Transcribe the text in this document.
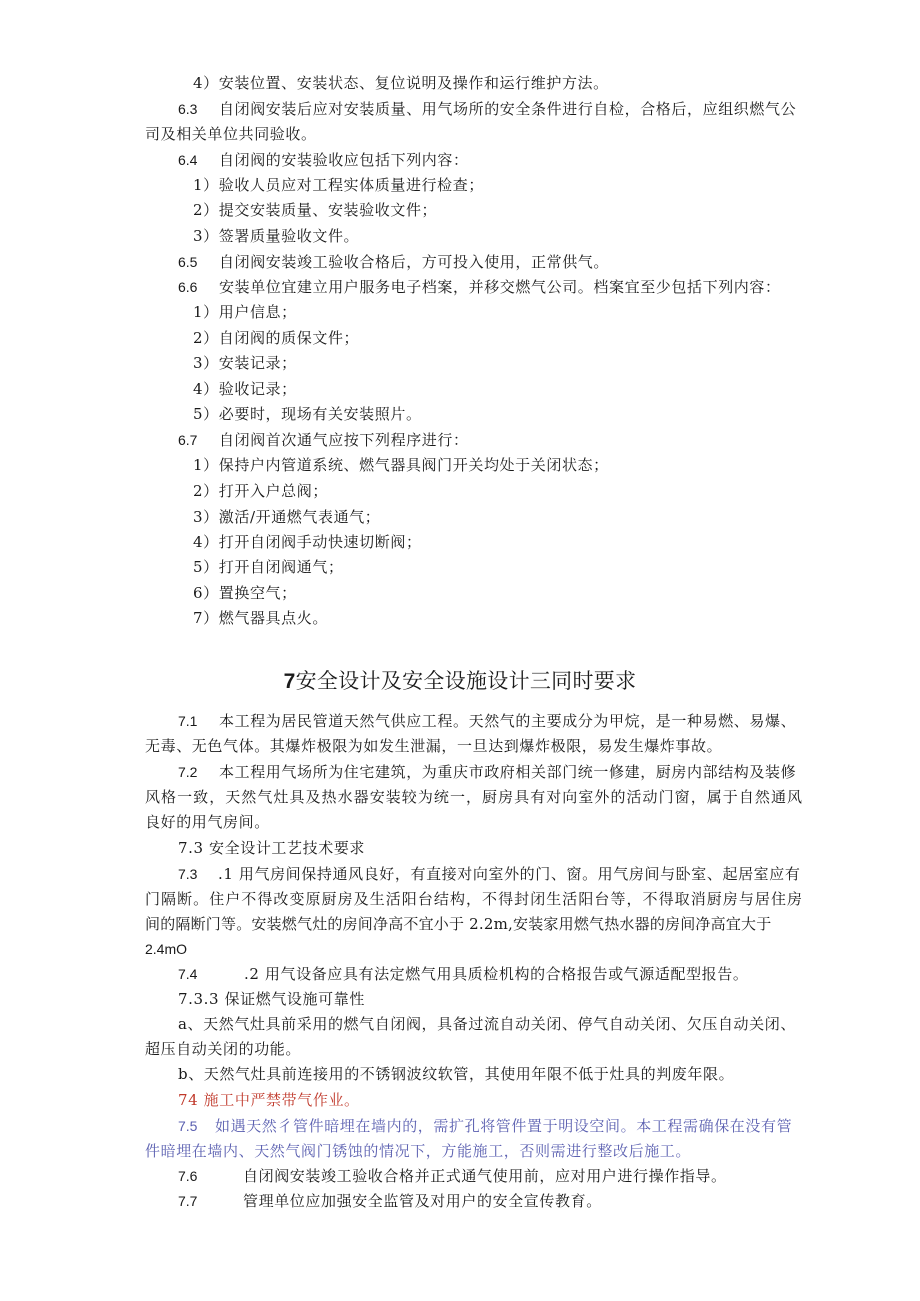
4）安装位置、安装状态、复位说明及操作和运行维护方法。
6.3 自闭阀安装后应对安装质量、用气场所的安全条件进行自检，合格后，应组织燃气公
司及相关单位共同验收。
6.4 自闭阀的安装验收应包括下列内容：
1）验收人员应对工程实体质量进行检查；
2）提交安装质量、安装验收文件；
3）签署质量验收文件。
6.5 自闭阀安装竣工验收合格后，方可投入使用，正常供气。
6.6 安装单位宜建立用户服务电子档案，并移交燃气公司。档案宜至少包括下列内容：
1）用户信息；
2）自闭阀的质保文件；
3）安装记录；
4）验收记录；
5）必要时，现场有关安装照片。
6.7 自闭阀首次通气应按下列程序进行：
1）保持户内管道系统、燃气器具阀门开关均处于关闭状态；
2）打开入户总阀；
3）激活/开通燃气表通气；
4）打开自闭阀手动快速切断阀；
5）打开自闭阀通气；
6）置换空气；
7）燃气器具点火。
7安全设计及安全设施设计三同时要求
7.1 本工程为居民管道天然气供应工程。天然气的主要成分为甲烷，是一种易燃、易爆、
无毒、无色气体。其爆炸极限为如发生泄漏，一旦达到爆炸极限，易发生爆炸事故。
7.2 本工程用气场所为住宅建筑，为重庆市政府相关部门统一修建，厨房内部结构及装修
风格一致，天然气灶具及热水器安装较为统一，厨房具有对向室外的活动门窗，属于自然通风
良好的用气房间。
7.3 安全设计工艺技术要求
7.3 .1 用气房间保持通风良好，有直接对向室外的门、窗。用气房间与卧室、起居室应有
门隔断。住户不得改变原厨房及生活阳台结构，不得封闭生活阳台等，不得取消厨房与居住房
间的隔断门等。安装燃气灶的房间净高不宜小于 2.2m,安装家用燃气热水器的房间净高宜大于
2.4mO
7.4	.2 用气设备应具有法定燃气用具质检机构的合格报告或气源适配型报告。
7.3.3 保证燃气设施可靠性
a、天然气灶具前采用的燃气自闭阀，具备过流自动关闭、停气自动关闭、欠压自动关闭、
超压自动关闭的功能。
b、天然气灶具前连接用的不锈钢波纹软管，其使用年限不低于灶具的判废年限。
74 施工中严禁带气作业。
7.5 如遇天然彳管件暗埋在墙内的，需扩孔将管件置于明设空间。本工程需确保在没有管
件暗埋在墙内、天然气阀门锈蚀的情况下，方能施工，否则需进行整改后施工。
7.6	自闭阀安装竣工验收合格并正式通气使用前，应对用户进行操作指导。
7.7	管理单位应加强安全监管及对用户的安全宣传教育。
